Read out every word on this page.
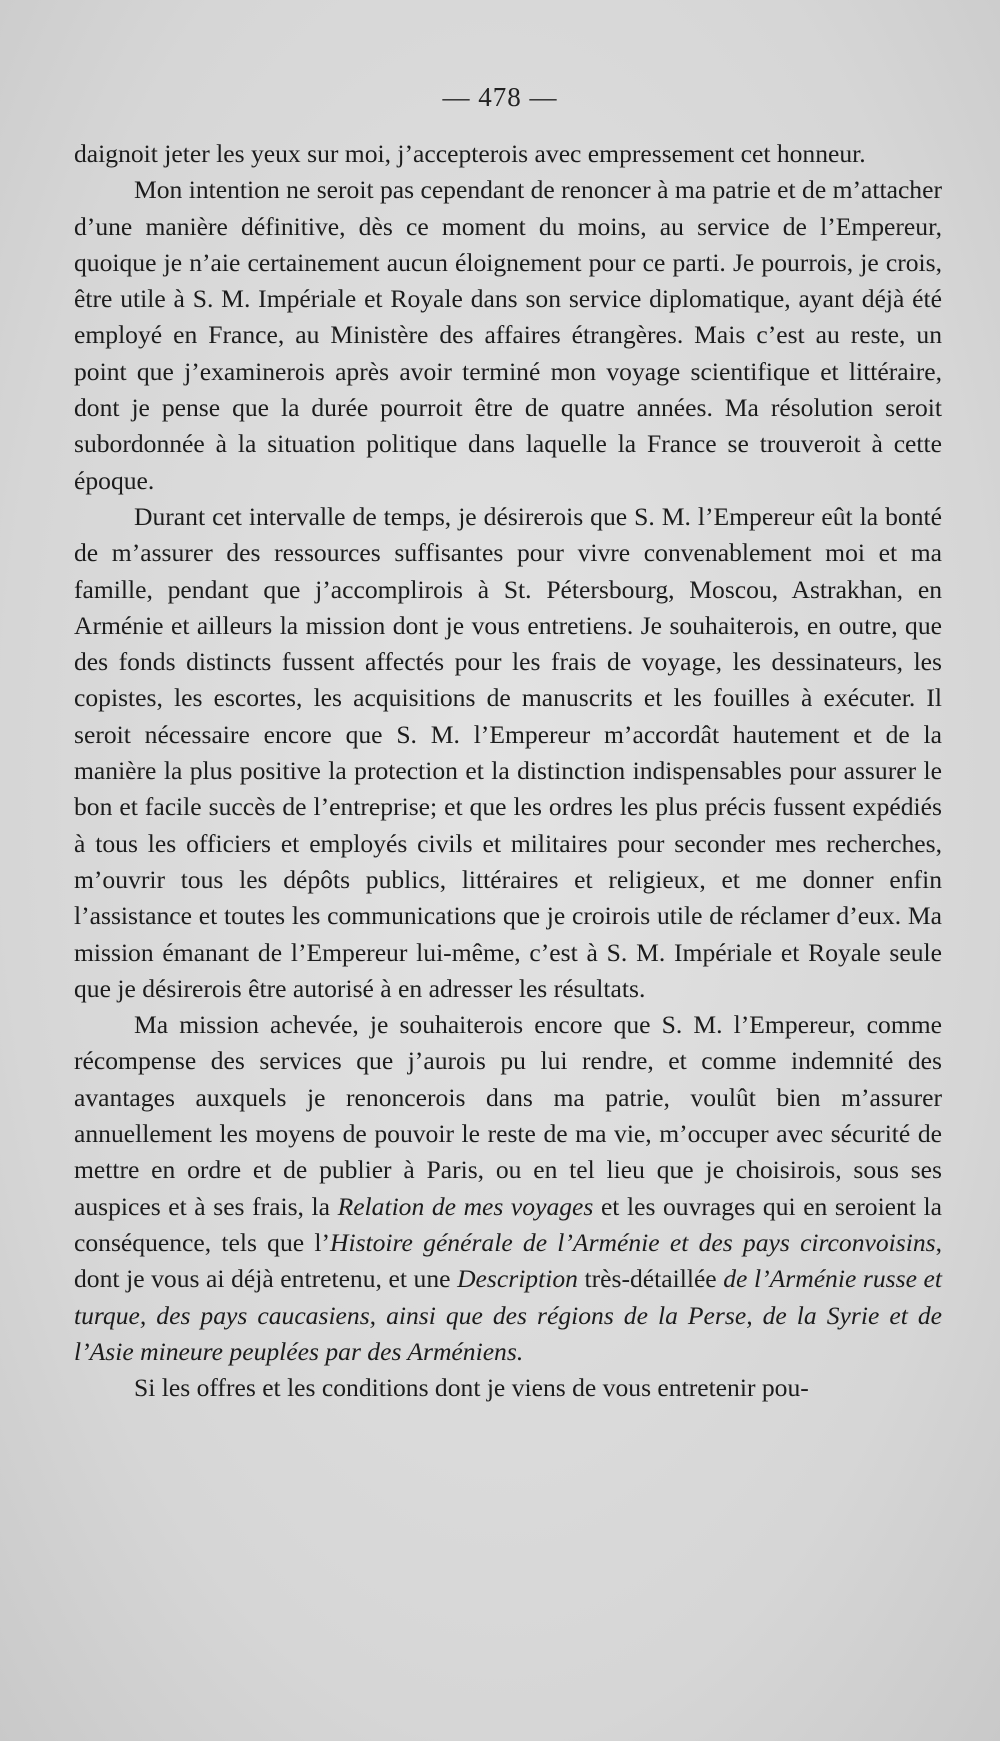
— 478 —

daignoit jeter les yeux sur moi, j’accepterois avec empressement cet honneur.

Mon intention ne seroit pas cependant de renoncer à ma patrie et de m’attacher d’une manière définitive, dès ce moment du moins, au service de l’Empereur, quoique je n’aie certainement aucun éloignement pour ce parti. Je pourrois, je crois, être utile à S. M. Impériale et Royale dans son service diplomatique, ayant déjà été employé en France, au Ministère des affaires étrangères. Mais c’est au reste, un point que j’examinerois après avoir terminé mon voyage scientifique et littéraire, dont je pense que la durée pourroit être de quatre années. Ma résolution seroit subordonnée à la situation politique dans laquelle la France se trouveroit à cette époque.

Durant cet intervalle de temps, je désirerois que S. M. l’Empereur eût la bonté de m’assurer des ressources suffisantes pour vivre convenablement moi et ma famille, pendant que j’accomplirois à St. Pétersbourg, Moscou, Astrakhan, en Arménie et ailleurs la mission dont je vous entretiens. Je souhaiterois, en outre, que des fonds distincts fussent affectés pour les frais de voyage, les dessinateurs, les copistes, les escortes, les acquisitions de manuscrits et les fouilles à exécuter. Il seroit nécessaire encore que S. M. l’Empereur m’accordât hautement et de la manière la plus positive la protection et la distinction indispensables pour assurer le bon et facile succès de l’entreprise; et que les ordres les plus précis fussent expédiés à tous les officiers et employés civils et militaires pour seconder mes recherches, m’ouvrir tous les dépôts publics, littéraires et religieux, et me donner enfin l’assistance et toutes les communications que je croirois utile de réclamer d’eux. Ma mission émanant de l’Empereur lui-même, c’est à S. M. Impériale et Royale seule que je désirerois être autorisé à en adresser les résultats.

Ma mission achevée, je souhaiterois encore que S. M. l’Empereur, comme récompense des services que j’aurois pu lui rendre, et comme indemnité des avantages auxquels je renoncerois dans ma patrie, voulût bien m’assurer annuellement les moyens de pouvoir le reste de ma vie, m’occuper avec sécurité de mettre en ordre et de publier à Paris, ou en tel lieu que je choisirois, sous ses auspices et à ses frais, la Relation de mes voyages et les ouvrages qui en seroient la conséquence, tels que l’Histoire générale de l’Arménie et des pays circonvoisins, dont je vous ai déjà entretenu, et une Description très-détaillée de l’Arménie russe et turque, des pays caucasiens, ainsi que des régions de la Perse, de la Syrie et de l’Asie mineure peuplées par des Arméniens.

Si les offres et les conditions dont je viens de vous entretenir pou-
